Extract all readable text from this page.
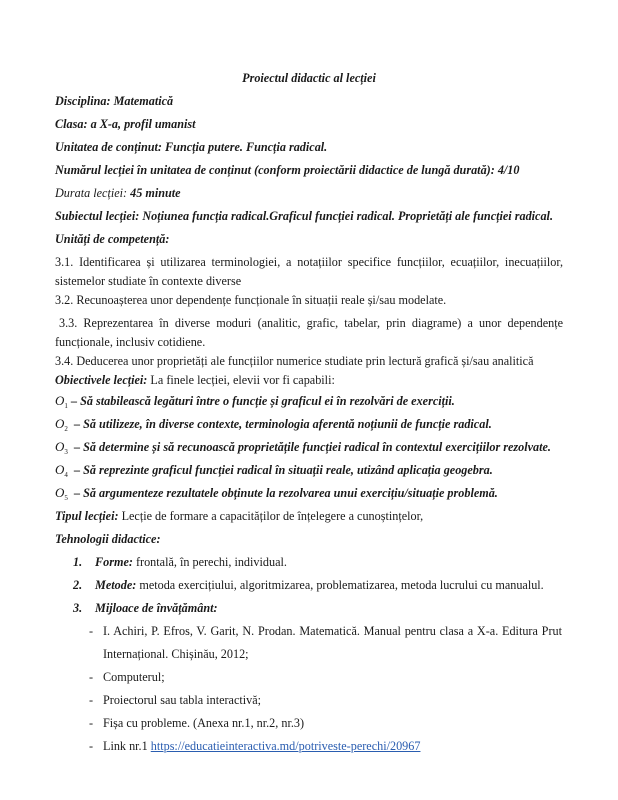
Proiectul didactic al lecției
Disciplina: Matematică
Clasa: a X-a, profil umanist
Unitatea de conținut: Funcția putere. Funcția radical.
Numărul lecției în unitatea de conținut (conform proiectării didactice de lungă durată): 4/10
Durata lecției: 45 minute
Subiectul lecției: Noțiunea funcția radical.Graficul funcției radical. Proprietăți ale funcției radical.
Unități de competență:
3.1. Identificarea și utilizarea terminologiei, a notațiilor specifice funcțiilor, ecuațiilor, inecuațiilor,
sistemelor studiate în contexte diverse
3.2. Recunoașterea unor dependențe funcționale în situații reale și/sau modelate.
3.3. Reprezentarea în diverse moduri (analitic, grafic, tabelar, prin diagrame) a unor dependențe
funcționale, inclusiv cotidiene.
3.4. Deducerea unor proprietăți ale funcțiilor numerice studiate prin lectură grafică și/sau analitică
Obiectivele lecției: La finele lecției, elevii vor fi capabili:
$O_1$ – Să stabilească legături între o funcție și graficul ei în rezolvări de exerciții.
$O_2$ – Să utilizeze, în diverse contexte, terminologia aferentă noțiunii de funcție radical.
$O_3$ – Să determine și să recunoască proprietățile funcției radical în contextul exercițiilor rezolvate.
$O_4$ – Să reprezinte graficul funcției radical în situații reale, utizând aplicația geogebra.
$O_5$ – Să argumenteze rezultatele obținute la rezolvarea unui exercițiu/situație problemă.
Tipul lecției: Lecție de formare a capacităților de înțelegere a cunoștințelor,
Tehnologii didactice:
1. Forme: frontală, în perechi, individual.
2. Metode: metoda exercițiului, algoritmizarea, problematizarea, metoda lucrului cu manualul.
3. Mijloace de învățământ:
- I. Achiri, P. Efros, V. Garit, N. Prodan. Matematică. Manual pentru clasa a X-a. Editura Prut
Internațional. Chișinău, 2012;
- Computerul;
- Proiectorul sau tabla interactivă;
- Fișa cu probleme. (Anexa nr.1, nr.2, nr.3)
- Link nr.1 https://educatieinteractiva.md/potriveste-perechi/20967
